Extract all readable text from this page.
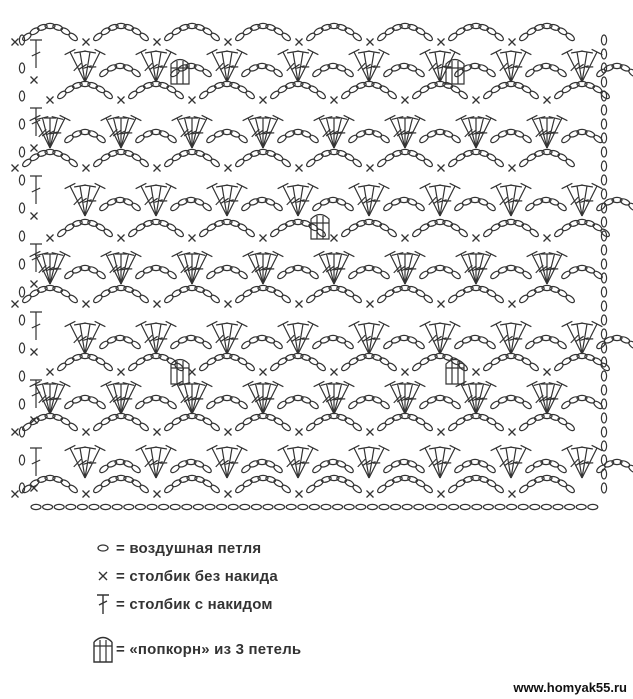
= воздушная петля
= столбик без накида
= столбик с накидом
= «попкорн» из 3 петель
www.homyak55.ru
